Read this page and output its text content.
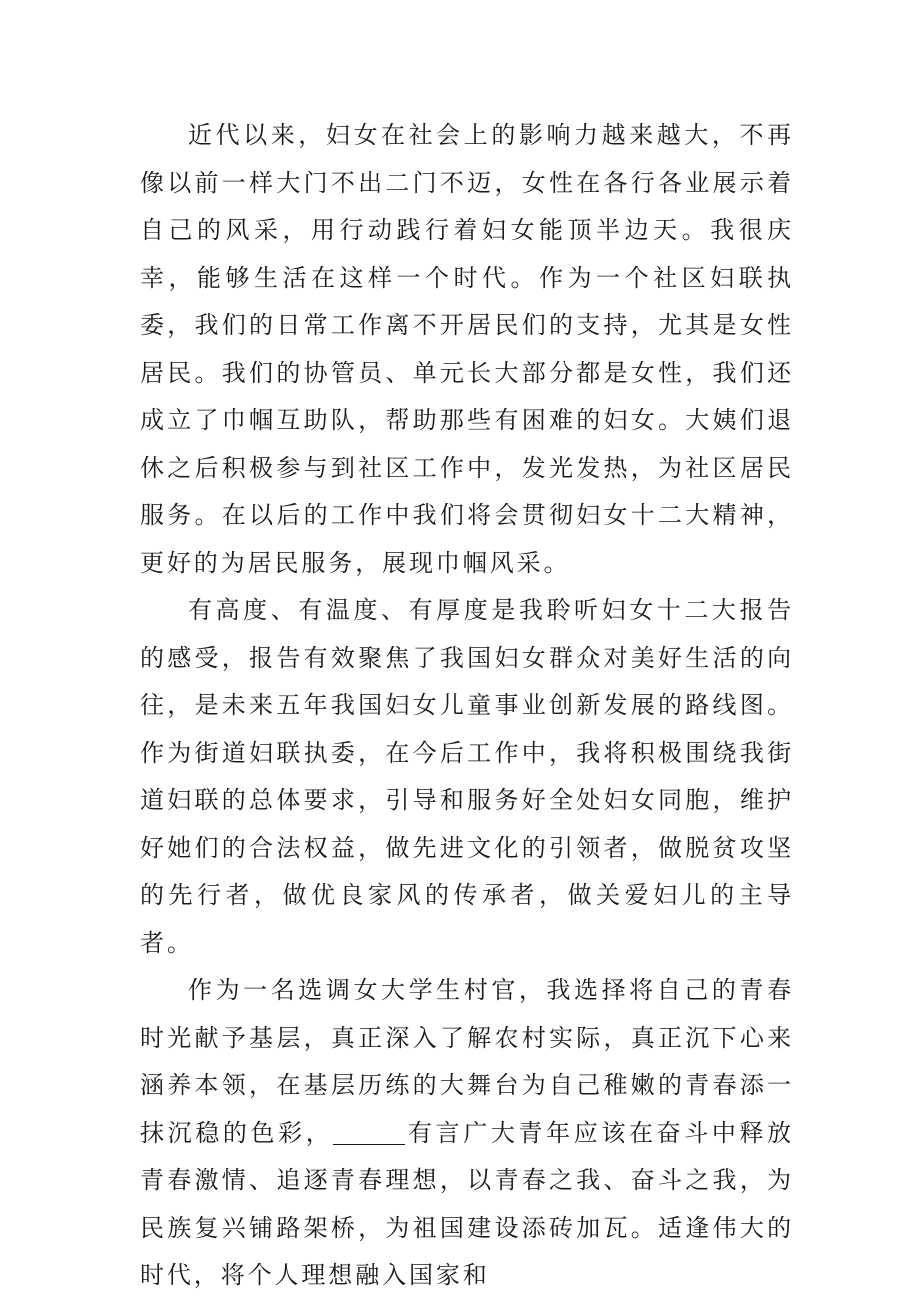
近代以来，妇女在社会上的影响力越来越大，不再像以前一样大门不出二门不迈，女性在各行各业展示着自己的风采，用行动践行着妇女能顶半边天。我很庆幸，能够生活在这样一个时代。作为一个社区妇联执委，我们的日常工作离不开居民们的支持，尤其是女性居民。我们的协管员、单元长大部分都是女性，我们还成立了巾帼互助队，帮助那些有困难的妇女。大姨们退休之后积极参与到社区工作中，发光发热，为社区居民服务。在以后的工作中我们将会贯彻妇女十二大精神，更好的为居民服务，展现巾帼风采。

有高度、有温度、有厚度是我聆听妇女十二大报告的感受，报告有效聚焦了我国妇女群众对美好生活的向往，是未来五年我国妇女儿童事业创新发展的路线图。作为街道妇联执委，在今后工作中，我将积极围绕我街道妇联的总体要求，引导和服务好全处妇女同胞，维护好她们的合法权益，做先进文化的引领者，做脱贫攻坚的先行者，做优良家风的传承者，做关爱妇儿的主导者。

作为一名选调女大学生村官，我选择将自己的青春时光献予基层，真正深入了解农村实际，真正沉下心来涵养本领，在基层历练的大舞台为自己稚嫩的青春添一抹沉稳的色彩，	有言广大青年应该在奋斗中释放青春激情、追逐青春理想，以青春之我、奋斗之我，为民族复兴铺路架桥，为祖国建设添砖加瓦。适逢伟大的时代，将个人理想融入国家和
